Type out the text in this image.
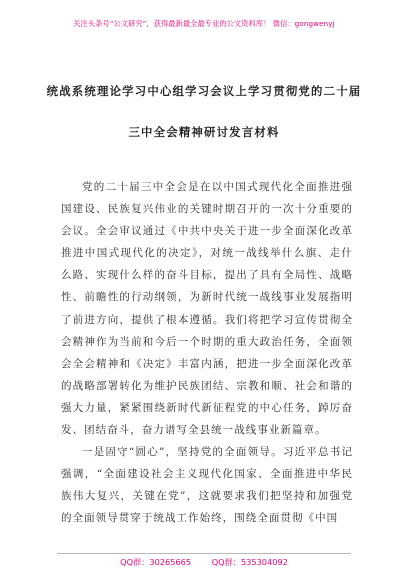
关注头条号“公文研究”，获得最新最全最专业的公文资料库！ 微信：gongwenyj
统战系统理论学习中心组学习会议上学习贯彻党的二十届
三中全会精神研讨发言材料

党的二十届三中全会是在以中国式现代化全面推进强国建设、民族复兴伟业的关键时期召开的一次十分重要的会议。全会审议通过《中共中央关于进一步全面深化改革推进中国式现代化的决定》，对统一战线举什么旗、走什么路、实现什么样的奋斗目标，提出了具有全局性、战略性、前瞻性的行动纲领，为新时代统一战线事业发展指明了前进方向，提供了根本遵循。我们将把学习宣传贯彻全会精神作为当前和今后一个时期的重大政治任务，全面领会全会精神和《决定》丰富内涵，把进一步全面深化改革的战略部署转化为维护民族团结、宗教和顺、社会和谐的强大力量，紧紧围绕新时代新征程党的中心任务，踔厉奋发、团结奋斗，奋力谱写全县统一战线事业新篇章。

一是固守“圆心”，坚持党的全面领导。习近平总书记强调，“全面建设社会主义现代化国家、全面推进中华民族伟大复兴，关键在党”，这就要求我们把坚持和加强党的全面领导贯穿于统战工作始终，围绕全面贯彻《中国

QQ群：30265665	QQ群：535304092
